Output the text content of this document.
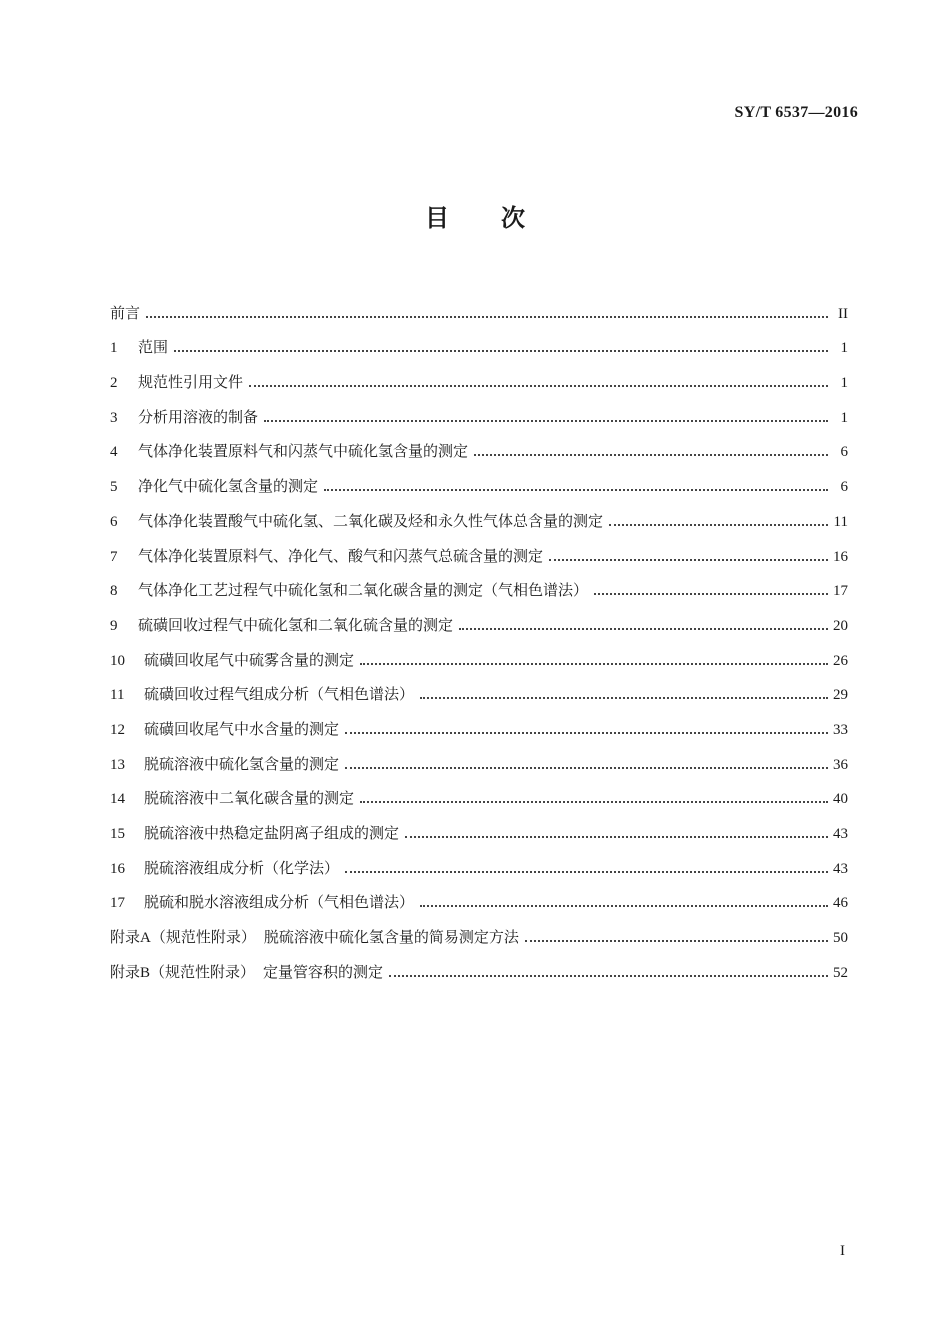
SY/T 6537—2016
目次
前言	II
1	范围	1
2	规范性引用文件	1
3	分析用溶液的制备	1
4	气体净化装置原料气和闪蒸气中硫化氢含量的测定	6
5	净化气中硫化氢含量的测定	6
6	气体净化装置酸气中硫化氢、二氧化碳及烃和永久性气体总含量的测定	11
7	气体净化装置原料气、净化气、酸气和闪蒸气总硫含量的测定	16
8	气体净化工艺过程气中硫化氢和二氧化碳含量的测定（气相色谱法）	17
9	硫磺回收过程气中硫化氢和二氧化硫含量的测定	20
10	硫磺回收尾气中硫雾含量的测定	26
11	硫磺回收过程气组成分析（气相色谱法）	29
12	硫磺回收尾气中水含量的测定	33
13	脱硫溶液中硫化氢含量的测定	36
14	脱硫溶液中二氧化碳含量的测定	40
15	脱硫溶液中热稳定盐阴离子组成的测定	43
16	脱硫溶液组成分析（化学法）	43
17	脱硫和脱水溶液组成分析（气相色谱法）	46
附录A（规范性附录） 脱硫溶液中硫化氢含量的简易测定方法	50
附录B（规范性附录） 定量管容积的测定	52
I
